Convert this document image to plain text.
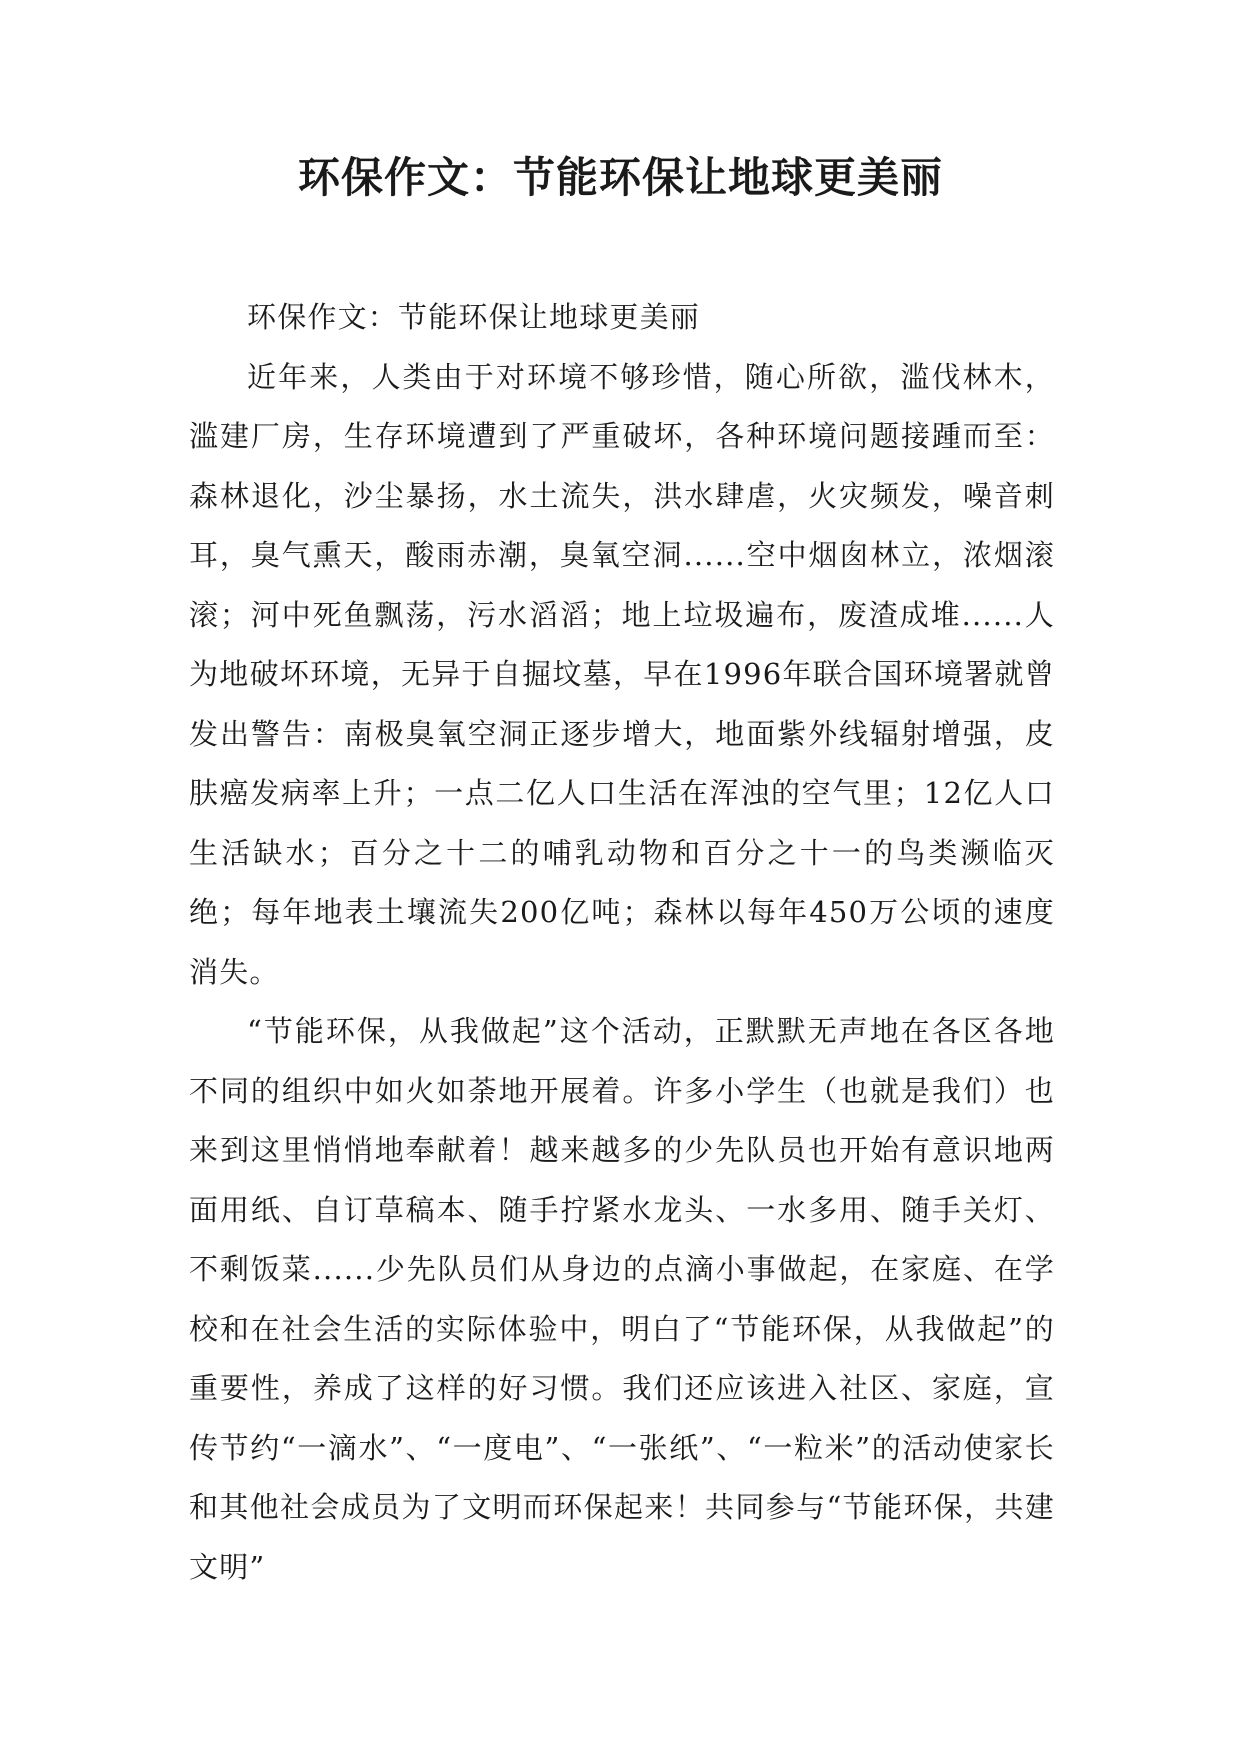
环保作文：节能环保让地球更美丽

环保作文：节能环保让地球更美丽

近年来，人类由于对环境不够珍惜，随心所欲，滥伐林木，滥建厂房，生存环境遭到了严重破坏，各种环境问题接踵而至：森林退化，沙尘暴扬，水土流失，洪水肆虐，火灾频发，噪音刺耳，臭气熏天，酸雨赤潮，臭氧空洞......空中烟囱林立，浓烟滚滚；河中死鱼飘荡，污水滔滔；地上垃圾遍布，废渣成堆......人为地破坏环境，无异于自掘坟墓，早在1996年联合国环境署就曾发出警告：南极臭氧空洞正逐步增大，地面紫外线辐射增强，皮肤癌发病率上升；一点二亿人口生活在浑浊的空气里；12亿人口生活缺水；百分之十二的哺乳动物和百分之十一的鸟类濒临灭绝；每年地表土壤流失200亿吨；森林以每年450万公顷的速度消失。

“节能环保，从我做起”这个活动，正默默无声地在各区各地不同的组织中如火如荼地开展着。许多小学生（也就是我们）也来到这里悄悄地奉献着！越来越多的少先队员也开始有意识地两面用纸、自订草稿本、随手拧紧水龙头、一水多用、随手关灯、不剩饭菜......少先队员们从身边的点滴小事做起，在家庭、在学校和在社会生活的实际体验中，明白了“节能环保，从我做起”的重要性，养成了这样的好习惯。我们还应该进入社区、家庭，宣传节约“一滴水”、“一度电”、“一张纸”、“一粒米”的活动使家长和其他社会成员为了文明而环保起来！共同参与“节能环保，共建文明”
